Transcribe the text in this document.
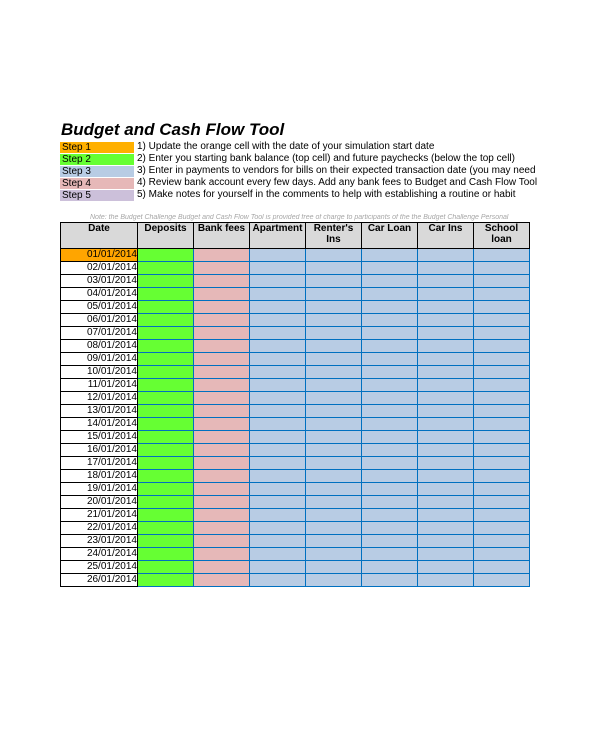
Budget and Cash Flow Tool
Step 1	1) Update the orange cell with the date of your simulation start date
Step 2	2) Enter you starting bank balance (top cell) and future paychecks (below the top cell)
Step 3	3) Enter in payments to vendors for bills on their expected transaction date (you may need
Step 4	4) Review bank account every few days. Add any bank fees to Budget and Cash Flow Tool
Step 5	5) Make notes for yourself in the comments to help with establishing a routine or habit
Note: the Budget Challenge Budget and Cash Flow Tool is provided free of charge to participants of the the Budget Challenge Personal
Date	Deposits	Bank fees	Apartment	Renter's Ins	Car Loan	Car Ins	School loan
01/01/2014							
02/01/2014							
03/01/2014							
04/01/2014							
05/01/2014							
06/01/2014							
07/01/2014							
08/01/2014							
09/01/2014							
10/01/2014							
11/01/2014							
12/01/2014							
13/01/2014							
14/01/2014							
15/01/2014							
16/01/2014							
17/01/2014							
18/01/2014							
19/01/2014							
20/01/2014							
21/01/2014							
22/01/2014							
23/01/2014							
24/01/2014							
25/01/2014							
26/01/2014							
